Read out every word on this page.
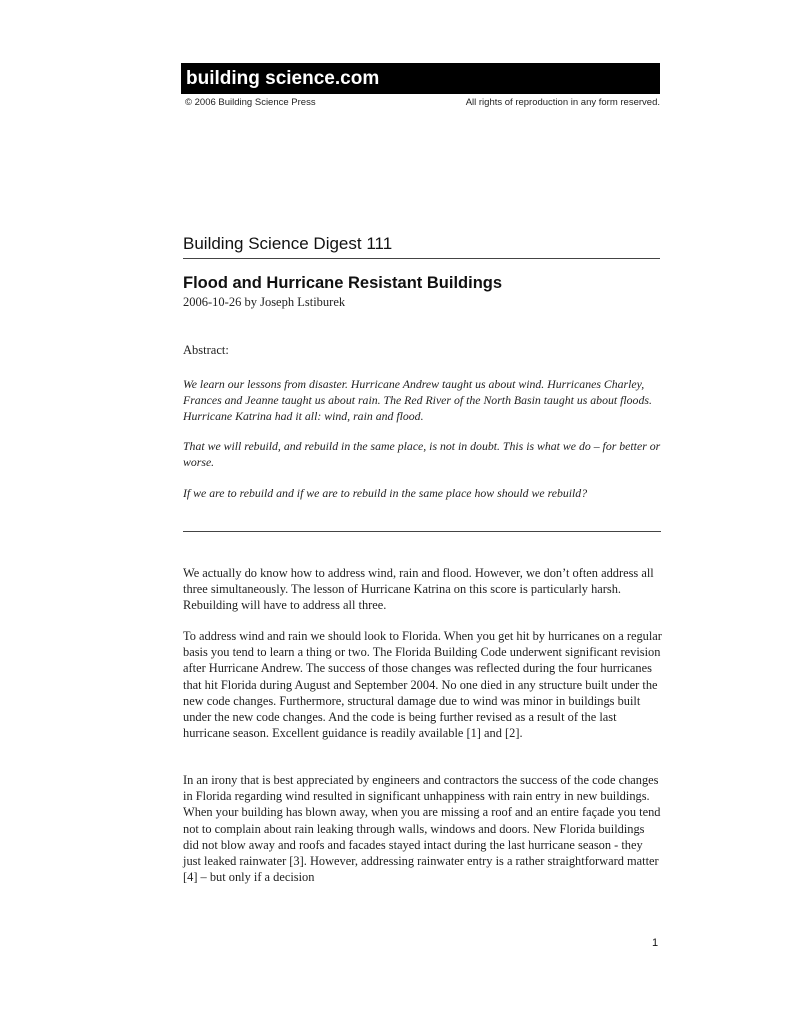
building science.com
© 2006 Building Science Press	All rights of reproduction in any form reserved.
Building Science Digest 111
Flood and Hurricane Resistant Buildings
2006-10-26 by Joseph Lstiburek
Abstract:

We learn our lessons from disaster. Hurricane Andrew taught us about wind. Hurricanes Charley, Frances and Jeanne taught us about rain. The Red River of the North Basin taught us about floods. Hurricane Katrina had it all: wind, rain and flood.

That we will rebuild, and rebuild in the same place, is not in doubt. This is what we do – for better or worse.

If we are to rebuild and if we are to rebuild in the same place how should we rebuild?

We actually do know how to address wind, rain and flood. However, we don’t often address all three simultaneously. The lesson of Hurricane Katrina on this score is particularly harsh. Rebuilding will have to address all three.

To address wind and rain we should look to Florida. When you get hit by hurricanes on a regular basis you tend to learn a thing or two. The Florida Building Code underwent significant revision after Hurricane Andrew. The success of those changes was reflected during the four hurricanes that hit Florida during August and September 2004. No one died in any structure built under the new code changes. Furthermore, structural damage due to wind was minor in buildings built under the new code changes. And the code is being further revised as a result of the last hurricane season. Excellent guidance is readily available [1] and [2].

In an irony that is best appreciated by engineers and contractors the success of the code changes in Florida regarding wind resulted in significant unhappiness with rain entry in new buildings. When your building has blown away, when you are missing a roof and an entire façade you tend not to complain about rain leaking through walls, windows and doors. New Florida buildings did not blow away and roofs and facades stayed intact during the last hurricane season - they just leaked rainwater [3]. However, addressing rainwater entry is a rather straightforward matter [4] – but only if a decision

1
